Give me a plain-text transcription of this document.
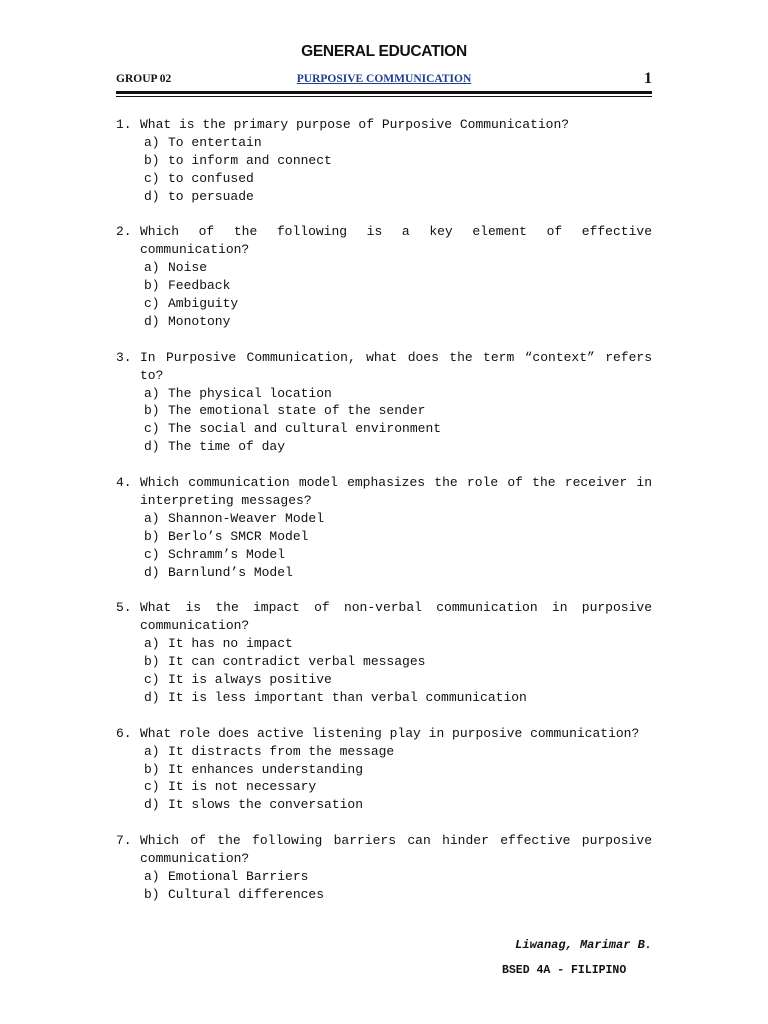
GENERAL EDUCATION
GROUP 02	PURPOSIVE COMMUNICATION	1
1. What is the primary purpose of Purposive Communication?
a) To entertain
b) to inform and connect
c) to confused
d) to persuade
2. Which of the following is a key element of effective communication?
a) Noise
b) Feedback
c) Ambiguity
d) Monotony
3. In Purposive Communication, what does the term “context” refers to?
a) The physical location
b) The emotional state of the sender
c) The social and cultural environment
d) The time of day
4. Which communication model emphasizes the role of the receiver in interpreting messages?
a) Shannon-Weaver Model
b) Berlo’s SMCR Model
c) Schramm’s Model
d) Barnlund’s Model
5. What is the impact of non-verbal communication in purposive communication?
a) It has no impact
b) It can contradict verbal messages
c) It is always positive
d) It is less important than verbal communication
6. What role does active listening play in purposive communication?
a) It distracts from the message
b) It enhances understanding
c) It is not necessary
d) It slows the conversation
7. Which of the following barriers can hinder effective purposive communication?
a) Emotional Barriers
b) Cultural differences
Liwanag, Marimar B.
BSED 4A - FILIPINO
